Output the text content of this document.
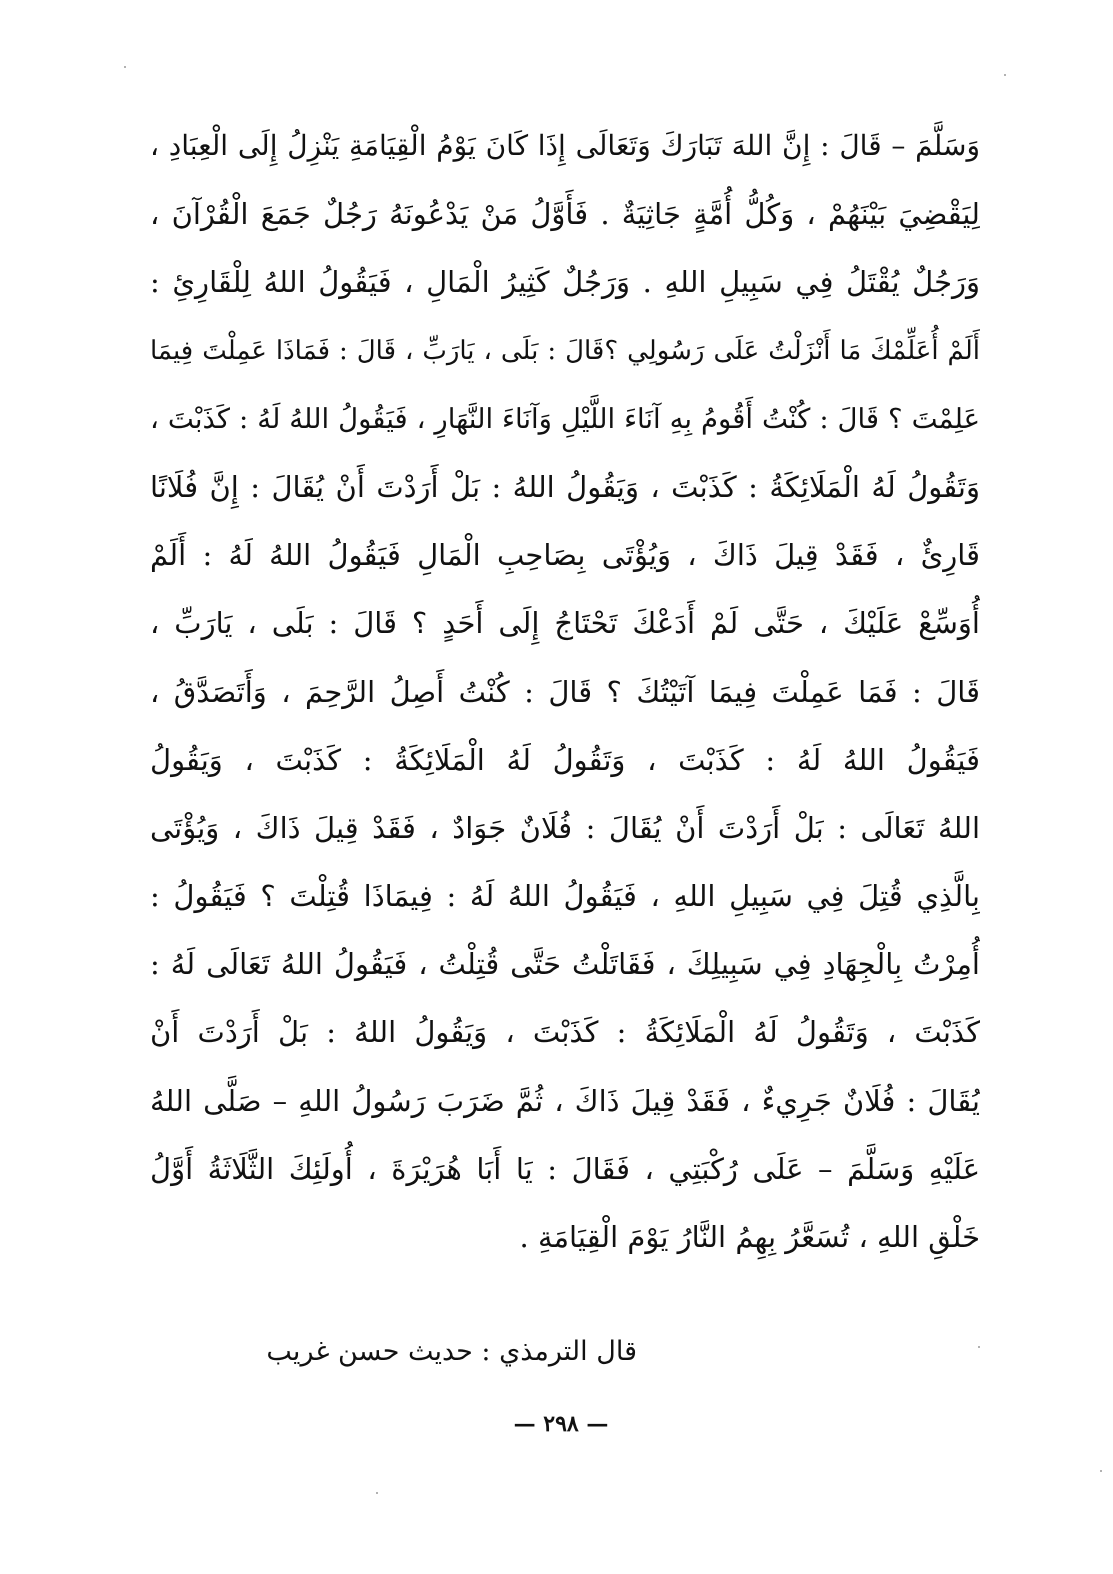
وَسَلَّمَ – قَالَ : إِنَّ اللهَ تَبَارَكَ وَتَعَالَى إِذَا كَانَ يَوْمُ الْقِيَامَةِ يَنْزِلُ إِلَى الْعِبَادِ ،
لِيَقْضِيَ بَيْنَهُمْ ، وَكُلُّ أُمَّةٍ جَاثِيَةٌ . فَأَوَّلُ مَنْ يَدْعُونَهُ رَجُلٌ جَمَعَ الْقُرْآنَ ،
وَرَجُلٌ يُقْتَلُ فِي سَبِيلِ اللهِ . وَرَجُلٌ كَثِيرُ الْمَالِ ، فَيَقُولُ اللهُ لِلْقَارِئِ :
أَلَمْ أُعَلِّمْكَ مَا أَنْزَلْتُ عَلَى رَسُولِي ؟قَالَ : بَلَى ، يَارَبِّ ، قَالَ : فَمَاذَا عَمِلْتَ فِيمَا
عَلِمْتَ ؟ قَالَ : كُنْتُ أَقُومُ بِهِ آنَاءَ اللَّيْلِ وَآنَاءَ النَّهَارِ ، فَيَقُولُ اللهُ لَهُ : كَذَبْتَ ،
وَتَقُولُ لَهُ الْمَلَائِكَةُ : كَذَبْتَ ، وَيَقُولُ اللهُ : بَلْ أَرَدْتَ أَنْ يُقَالَ : إِنَّ فُلَانًا
قَارِئٌ ، فَقَدْ قِيلَ ذَاكَ ، وَيُؤْتَى بِصَاحِبِ الْمَالِ فَيَقُولُ اللهُ لَهُ : أَلَمْ
أُوَسِّعْ عَلَيْكَ ، حَتَّى لَمْ أَدَعْكَ تَحْتَاجُ إِلَى أَحَدٍ ؟ قَالَ : بَلَى ، يَارَبِّ ،
قَالَ : فَمَا عَمِلْتَ فِيمَا آتَيْتُكَ ؟ قَالَ : كُنْتُ أَصِلُ الرَّحِمَ ، وَأَتَصَدَّقُ ،
فَيَقُولُ اللهُ لَهُ : كَذَبْتَ ، وَتَقُولُ لَهُ الْمَلَائِكَةُ : كَذَبْتَ ، وَيَقُولُ
اللهُ تَعَالَى : بَلْ أَرَدْتَ أَنْ يُقَالَ : فُلَانٌ جَوَادٌ ، فَقَدْ قِيلَ ذَاكَ ، وَيُؤْتَى
بِالَّذِي قُتِلَ فِي سَبِيلِ اللهِ ، فَيَقُولُ اللهُ لَهُ : فِيمَاذَا قُتِلْتَ ؟ فَيَقُولُ :
أُمِرْتُ بِالْجِهَادِ فِي سَبِيلِكَ ، فَقَاتَلْتُ حَتَّى قُتِلْتُ ، فَيَقُولُ اللهُ تَعَالَى لَهُ :
كَذَبْتَ ، وَتَقُولُ لَهُ الْمَلَائِكَةُ : كَذَبْتَ ، وَيَقُولُ اللهُ : بَلْ أَرَدْتَ أَنْ
يُقَالَ : فُلَانٌ جَرِيءٌ ، فَقَدْ قِيلَ ذَاكَ ، ثُمَّ ضَرَبَ رَسُولُ اللهِ – صَلَّى اللهُ
عَلَيْهِ وَسَلَّمَ – عَلَى رُكْبَتِي ، فَقَالَ : يَا أَبَا هُرَيْرَةَ ، أُولَئِكَ الثَّلَاثَةُ أَوَّلُ
خَلْقِ اللهِ ، تُسَعَّرُ بِهِمُ النَّارُ يَوْمَ الْقِيَامَةِ .
قال الترمذي : حديث حسن غريب
— ٢٩٨ —
